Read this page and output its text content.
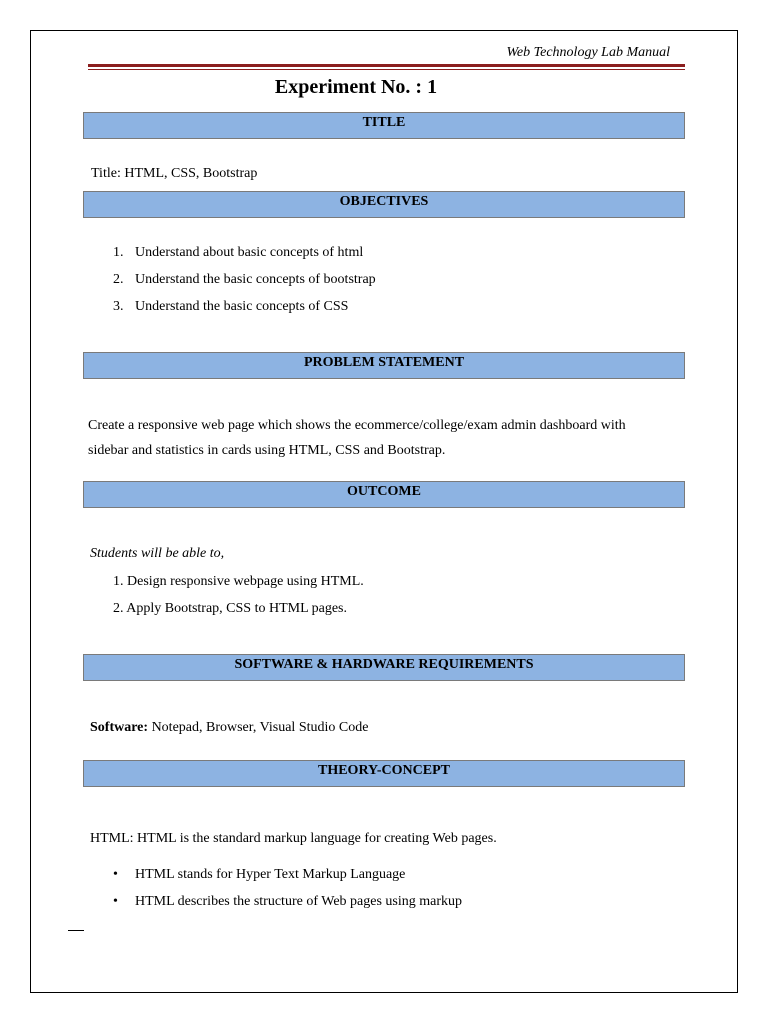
Web Technology Lab Manual
Experiment No. : 1
TITLE
Title: HTML, CSS, Bootstrap
OBJECTIVES
1. Understand about basic concepts of html
2. Understand the basic concepts of bootstrap
3. Understand the basic concepts of CSS
PROBLEM STATEMENT
Create a responsive web page which shows the ecommerce/college/exam admin dashboard with
sidebar and statistics in cards using HTML, CSS and Bootstrap.
OUTCOME
Students will be able to,
1. Design responsive webpage using HTML.
2. Apply Bootstrap, CSS to HTML pages.
SOFTWARE & HARDWARE REQUIREMENTS
Software: Notepad, Browser, Visual Studio Code
THEORY-CONCEPT
HTML: HTML is the standard markup language for creating Web pages.
• HTML stands for Hyper Text Markup Language
• HTML describes the structure of Web pages using markup
